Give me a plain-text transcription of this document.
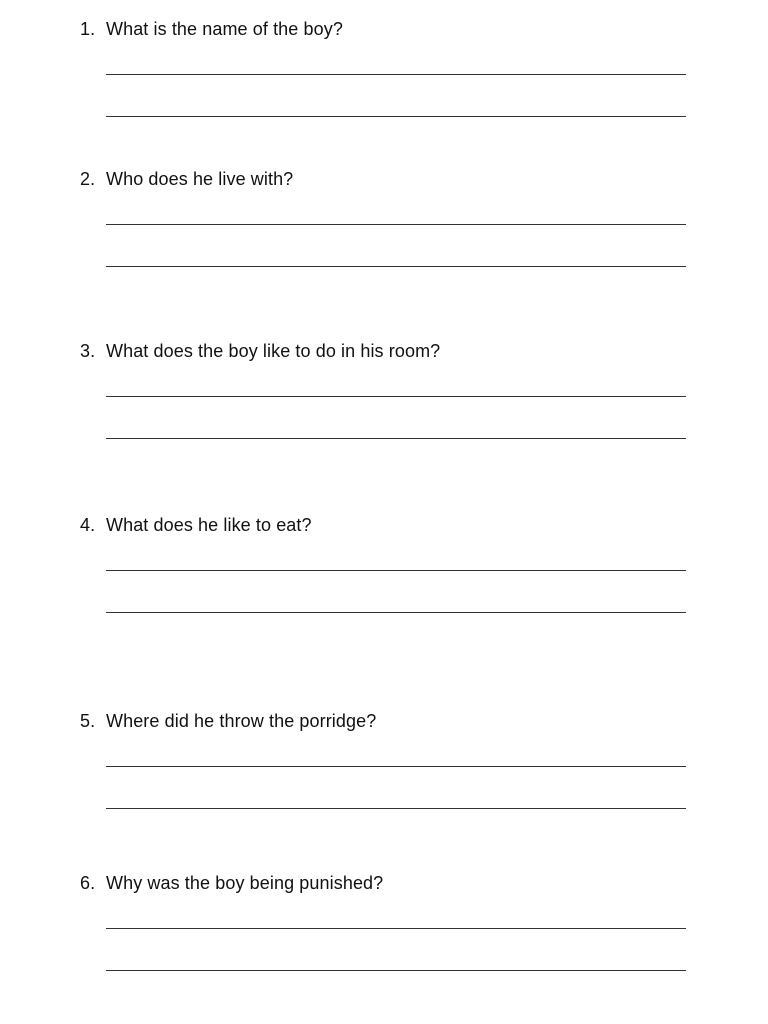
1. What is the name of the boy?
2. Who does he live with?
3. What does the boy like to do in his room?
4. What does he like to eat?
5. Where did he throw the porridge?
6. Why was the boy being punished?
